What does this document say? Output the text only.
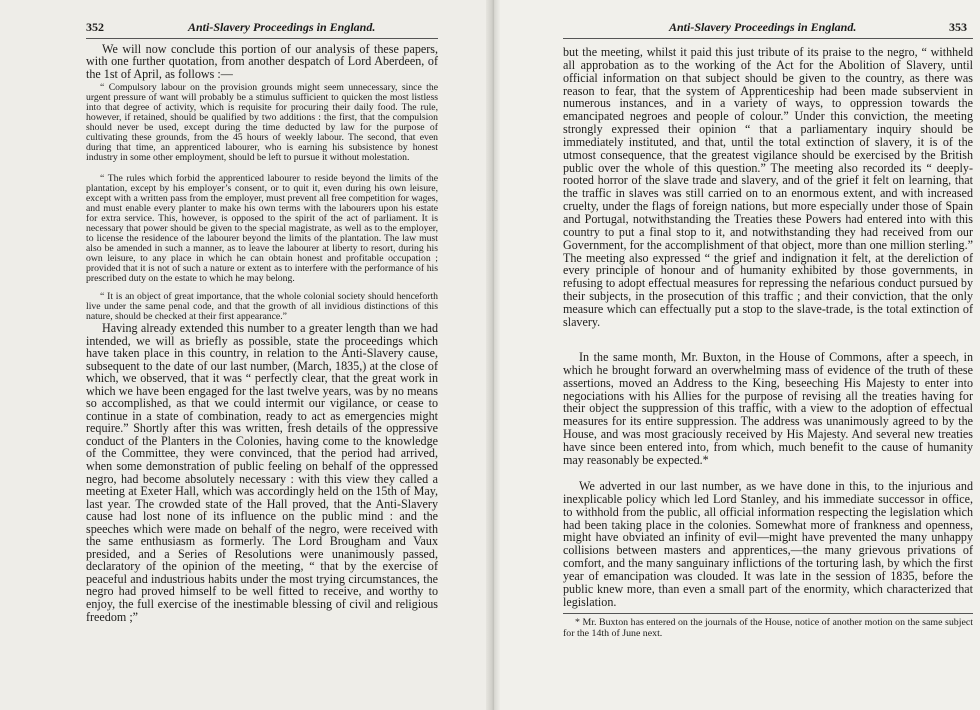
352	Anti-Slavery Proceedings in England.

We will now conclude this portion of our analysis of these papers, with one further quotation, from another despatch of Lord Aberdeen, of the 1st of April, as follows :—

“ Compulsory labour on the provision grounds might seem unnecessary, since the urgent pressure of want will probably be a stimulus sufficient to quicken the most listless into that degree of activity, which is requisite for procuring their daily food. The rule, however, if retained, should be qualified by two additions : the first, that the compulsion should never be used, except during the time deducted by law for the purpose of cultivating these grounds, from the 45 hours of weekly labour. The second, that even during that time, an apprenticed labourer, who is earning his subsistence by honest industry in some other employment, should be left to pursue it without molestation.

“ The rules which forbid the apprenticed labourer to reside beyond the limits of the plantation, except by his employer’s consent, or to quit it, even during his own leisure, except with a written pass from the employer, must prevent all free competition for wages, and must enable every planter to make his own terms with the labourers upon his estate for extra service. This, however, is opposed to the spirit of the act of parliament. It is necessary that power should be given to the special magistrate, as well as to the employer, to license the residence of the labourer beyond the limits of the plantation. The law must also be amended in such a manner, as to leave the labourer at liberty to resort, during his own leisure, to any place in which he can obtain honest and profitable occupation ; provided that it is not of such a nature or extent as to interfere with the performance of his prescribed duty on the estate to which he may belong.

“ It is an object of great importance, that the whole colonial society should henceforth live under the same penal code, and that the growth of all invidious distinctions of this nature, should be checked at their first appearance.”

Having already extended this number to a greater length than we had intended, we will as briefly as possible, state the proceedings which have taken place in this country, in relation to the Anti-Slavery cause, subsequent to the date of our last number, (March, 1835,) at the close of which, we observed, that it was “ perfectly clear, that the great work in which we have been engaged for the last twelve years, was by no means so accomplished, as that we could intermit our vigilance, or cease to continue in a state of combination, ready to act as emergencies might require.” Shortly after this was written, fresh details of the oppressive conduct of the Planters in the Colonies, having come to the knowledge of the Committee, they were convinced, that the period had arrived, when some demonstration of public feeling on behalf of the oppressed negro, had become absolutely necessary : with this view they called a meeting at Exeter Hall, which was accordingly held on the 15th of May, last year. The crowded state of the Hall proved, that the Anti-Slavery cause had lost none of its influence on the public mind : and the speeches which were made on behalf of the negro, were received with the same enthusiasm as formerly. The Lord Brougham and Vaux presided, and a Series of Resolutions were unanimously passed, declaratory of the opinion of the meeting, “ that by the exercise of peaceful and industrious habits under the most trying circumstances, the negro had proved himself to be well fitted to receive, and worthy to enjoy, the full exercise of the inestimable blessing of civil and religious freedom ;”

Anti-Slavery Proceedings in England.	353

but the meeting, whilst it paid this just tribute of its praise to the negro, “ withheld all approbation as to the working of the Act for the Abolition of Slavery, until official information on that subject should be given to the country, as there was reason to fear, that the system of Apprenticeship had been made subservient in numerous instances, and in a variety of ways, to oppression towards the emancipated negroes and people of colour.” Under this conviction, the meeting strongly expressed their opinion “ that a parliamentary inquiry should be immediately instituted, and that, until the total extinction of slavery, it is of the utmost consequence, that the greatest vigilance should be exercised by the British public over the whole of this question.” The meeting also recorded its “ deeply-rooted horror of the slave trade and slavery, and of the grief it felt on learning, that the traffic in slaves was still carried on to an enormous extent, and with increased cruelty, under the flags of foreign nations, but more especially under those of Spain and Portugal, notwithstanding the Treaties these Powers had entered into with this country to put a final stop to it, and notwithstanding they had received from our Government, for the accomplishment of that object, more than one million sterling.” The meeting also expressed “ the grief and indignation it felt, at the dereliction of every principle of honour and of humanity exhibited by those governments, in refusing to adopt effectual measures for repressing the nefarious conduct pursued by their subjects, in the prosecution of this traffic ; and their conviction, that the only measure which can effectually put a stop to the slave-trade, is the total extinction of slavery.

In the same month, Mr. Buxton, in the House of Commons, after a speech, in which he brought forward an overwhelming mass of evidence of the truth of these assertions, moved an Address to the King, beseeching His Majesty to enter into negociations with his Allies for the purpose of revising all the treaties having for their object the suppression of this traffic, with a view to the adoption of effectual measures for its entire suppression. The address was unanimously agreed to by the House, and was most graciously received by His Majesty. And several new treaties have since been entered into, from which, much benefit to the cause of humanity may reasonably be expected.*

We adverted in our last number, as we have done in this, to the injurious and inexplicable policy which led Lord Stanley, and his immediate successor in office, to withhold from the public, all official information respecting the legislation which had been taking place in the colonies. Somewhat more of frankness and openness, might have obviated an infinity of evil—might have prevented the many unhappy collisions between masters and apprentices,—the many grievous privations of comfort, and the many sanguinary inflictions of the torturing lash, by which the first year of emancipation was clouded. It was late in the session of 1835, before the public knew more, than even a small part of the enormity, which characterized that legislation.

* Mr. Buxton has entered on the journals of the House, notice of another motion on the same subject for the 14th of June next.
